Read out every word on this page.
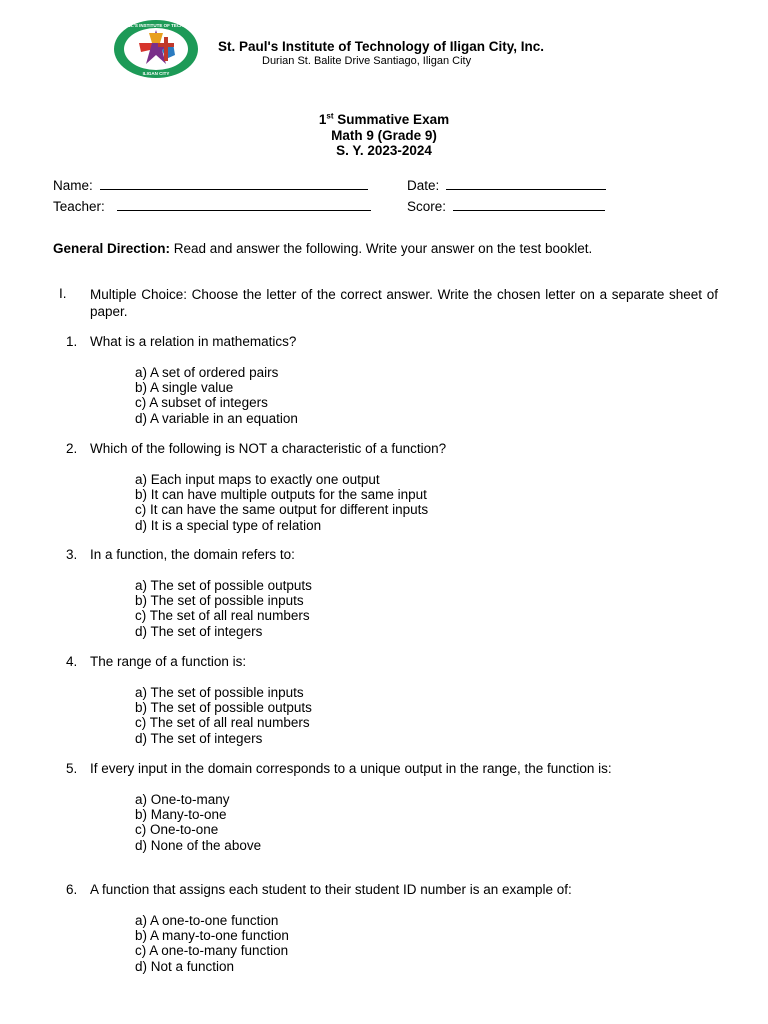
PAUL'S INSTITUTE OF TECHNO
ILIGAN CITY
St. Paul's Institute of Technology of Iligan City, Inc.
Durian St. Balite Drive Santiago, Iligan City
1st Summative Exam
Math 9 (Grade 9)
S. Y. 2023-2024
Name:	Date:
Teacher:	Score:
General Direction: Read and answer the following. Write your answer on the test booklet.
I. Multiple Choice: Choose the letter of the correct answer. Write the chosen letter on a separate sheet of paper.
1. What is a relation in mathematics?
a) A set of ordered pairs
b) A single value
c) A subset of integers
d) A variable in an equation
2. Which of the following is NOT a characteristic of a function?
a) Each input maps to exactly one output
b) It can have multiple outputs for the same input
c) It can have the same output for different inputs
d) It is a special type of relation
3. In a function, the domain refers to:
a) The set of possible outputs
b) The set of possible inputs
c) The set of all real numbers
d) The set of integers
4. The range of a function is:
a) The set of possible inputs
b) The set of possible outputs
c) The set of all real numbers
d) The set of integers
5. If every input in the domain corresponds to a unique output in the range, the function is:
a) One-to-many
b) Many-to-one
c) One-to-one
d) None of the above
6. A function that assigns each student to their student ID number is an example of:
a) A one-to-one function
b) A many-to-one function
c) A one-to-many function
d) Not a function
